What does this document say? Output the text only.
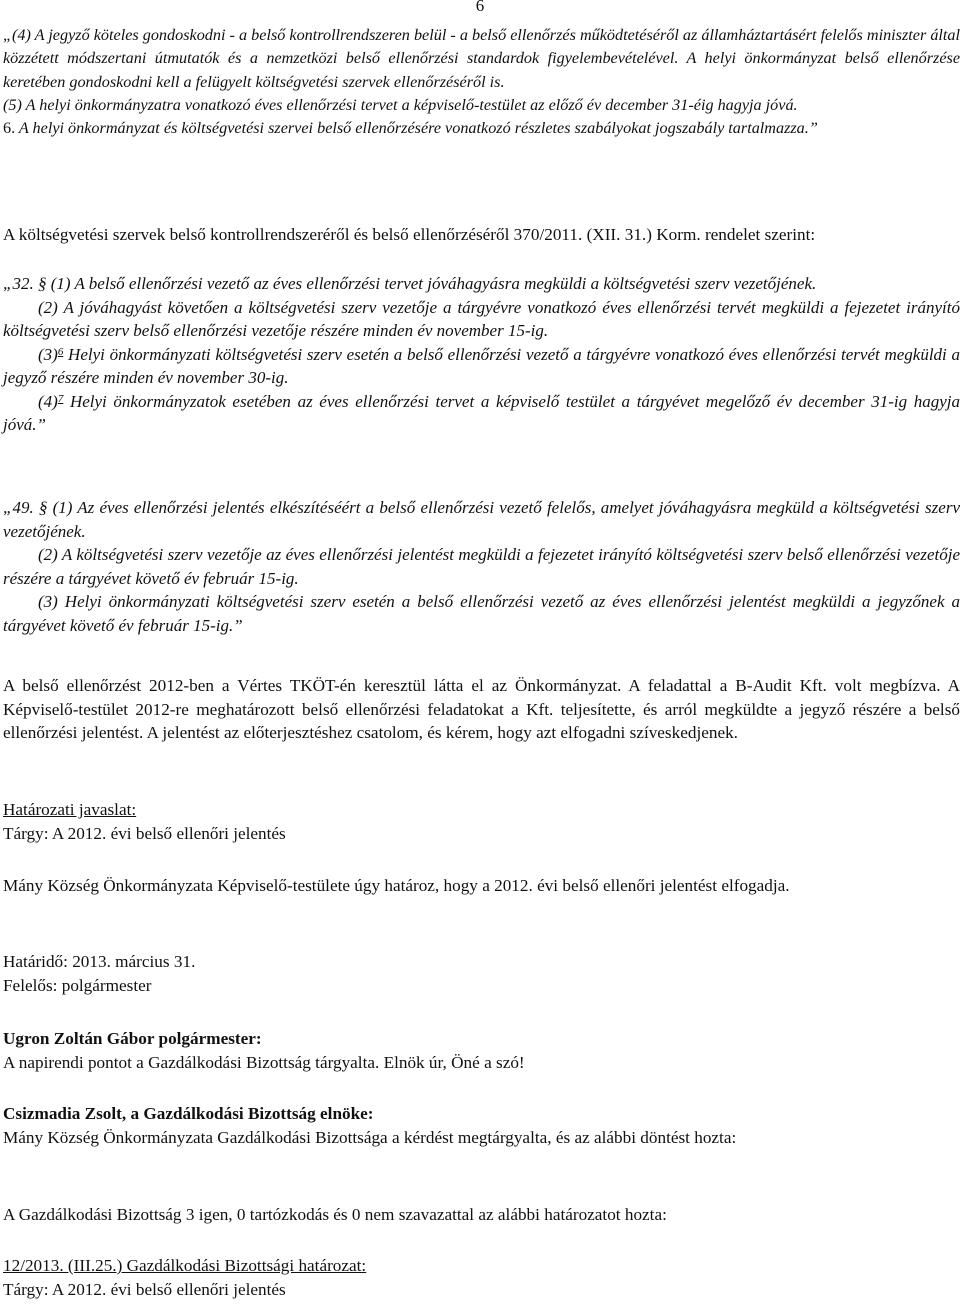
6

„(4) A jegyző köteles gondoskodni - a belső kontrollrendszeren belül - a belső ellenőrzés működtetéséről az államháztartásért felelős miniszter által közzétett módszertani útmutatók és a nemzetközi belső ellenőrzési standardok figyelembevételével. A helyi önkormányzat belső ellenőrzése keretében gondoskodni kell a felügyelt költségvetési szervek ellenőrzéséről is.

(5) A helyi önkormányzatra vonatkozó éves ellenőrzési tervet a képviselő-testület az előző év december 31-éig hagyja jóvá.

6. A helyi önkormányzat és költségvetési szervei belső ellenőrzésére vonatkozó részletes szabályokat jogszabály tartalmazza.”

A költségvetési szervek belső kontrollrendszeréről és belső ellenőrzéséről 370/2011. (XII. 31.) Korm. rendelet szerint:

„32. § (1) A belső ellenőrzési vezető az éves ellenőrzési tervet jóváhagyásra megküldi a költségvetési szerv vezetőjének.

(2) A jóváhagyást követően a költségvetési szerv vezetője a tárgyévre vonatkozó éves ellenőrzési tervét megküldi a fejezetet irányító költségvetési szerv belső ellenőrzési vezetője részére minden év november 15-ig.

$(3)^6$ Helyi önkormányzati költségvetési szerv esetén a belső ellenőrzési vezető a tárgyévre vonatkozó éves ellenőrzési tervét megküldi a jegyző részére minden év november 30-ig.

$(4)^7$ Helyi önkormányzatok esetében az éves ellenőrzési tervet a képviselő testület a tárgyévet megelőző év december 31-ig hagyja jóvá.”

„49. § (1) Az éves ellenőrzési jelentés elkészítéséért a belső ellenőrzési vezető felelős, amelyet jóváhagyásra megküld a költségvetési szerv vezetőjének.

(2) A költségvetési szerv vezetője az éves ellenőrzési jelentést megküldi a fejezetet irányító költségvetési szerv belső ellenőrzési vezetője részére a tárgyévet követő év február 15-ig.

(3) Helyi önkormányzati költségvetési szerv esetén a belső ellenőrzési vezető az éves ellenőrzési jelentést megküldi a jegyzőnek a tárgyévet követő év február 15-ig.”

A belső ellenőrzést 2012-ben a Vértes TKÖT-én keresztül látta el az Önkormányzat. A feladattal a B-Audit Kft. volt megbízva. A Képviselő-testület 2012-re meghatározott belső ellenőrzési feladatokat a Kft. teljesítette, és arról megküldte a jegyző részére a belső ellenőrzési jelentést. A jelentést az előterjesztéshez csatolom, és kérem, hogy azt elfogadni szíveskedjenek.
Határozati javaslat:
Tárgy: A 2012. évi belső ellenőri jelentés
Mány Község Önkormányzata Képviselő-testülete úgy határoz, hogy a 2012. évi belső ellenőri jelentést elfogadja.
Határidő: 2013. március 31.
Felelős: polgármester
Ugron Zoltán Gábor polgármester:
A napirendi pontot a Gazdálkodási Bizottság tárgyalta. Elnök úr, Öné a szó!
Csizmadia Zsolt, a Gazdálkodási Bizottság elnöke:
Mány Község Önkormányzata Gazdálkodási Bizottsága a kérdést megtárgyalta, és az alábbi döntést hozta:
A Gazdálkodási Bizottság 3 igen, 0 tartózkodás és 0 nem szavazattal az alábbi határozatot hozta:
12/2013. (III.25.) Gazdálkodási Bizottsági határozat:
Tárgy: A 2012. évi belső ellenőri jelentés
